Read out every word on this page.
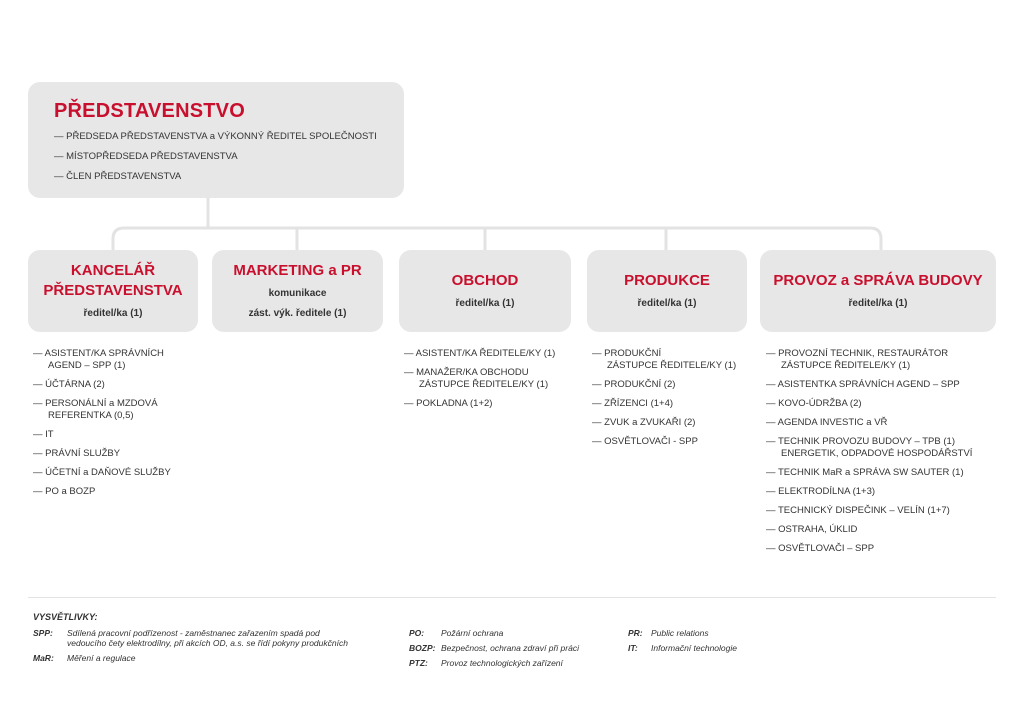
PŘEDSTAVENSTVO
— PŘEDSEDA PŘEDSTAVENSTVA a VÝKONNÝ ŘEDITEL SPOLEČNOSTI
— MÍSTOPŘEDSEDA PŘEDSTAVENSTVA
— ČLEN PŘEDSTAVENSTVA
KANCELÁŘ
PŘEDSTAVENSTVA
ředitel/ka (1)
MARKETING a PR
komunikace
zást. výk. ředitele (1)
OBCHOD
ředitel/ka (1)
PRODUKCE
ředitel/ka (1)
PROVOZ a SPRÁVA BUDOVY
ředitel/ka (1)
— ASISTENT/KA SPRÁVNÍCH
AGEND – SPP (1)
— ÚČTÁRNA (2)
— PERSONÁLNÍ a MZDOVÁ
REFERENTKA (0,5)
— IT
— PRÁVNÍ SLUŽBY
— ÚČETNÍ a DAŇOVÉ SLUŽBY
— PO a BOZP
— ASISTENT/KA ŘEDITELE/KY (1)
— MANAŽER/KA OBCHODU
ZÁSTUPCE ŘEDITELE/KY (1)
— POKLADNA (1+2)
— PRODUKČNÍ
ZÁSTUPCE ŘEDITELE/KY (1)
— PRODUKČNÍ (2)
— ZŘÍZENCI (1+4)
— ZVUK a ZVUKAŘI (2)
— OSVĚTLOVAČI - SPP
— PROVOZNÍ TECHNIK, RESTAURÁTOR
ZÁSTUPCE ŘEDITELE/KY (1)
— ASISTENTKA SPRÁVNÍCH AGEND – SPP
— KOVO-ÚDRŽBA (2)
— AGENDA INVESTIC a VŘ
— TECHNIK PROVOZU BUDOVY – TPB (1)
ENERGETIK, ODPADOVÉ HOSPODÁŘSTVÍ
— TECHNIK MaR a SPRÁVA SW SAUTER (1)
— ELEKTRODÍLNA (1+3)
— TECHNICKÝ DISPEČINK – VELÍN (1+7)
— OSTRAHA, ÚKLID
— OSVĚTLOVAČI – SPP
VYSVĚTLIVKY:
SPP: Sdílená pracovní podřízenost - zaměstnanec zařazením spadá pod
vedoucího čety elektrodílny, při akcích OD, a.s. se řídí pokyny produkčních
MaR: Měření a regulace
PO: Požární ochrana
BOZP: Bezpečnost, ochrana zdraví při práci
PTZ: Provoz technologických zařízení
PR: Public relations
IT: Informační technologie
